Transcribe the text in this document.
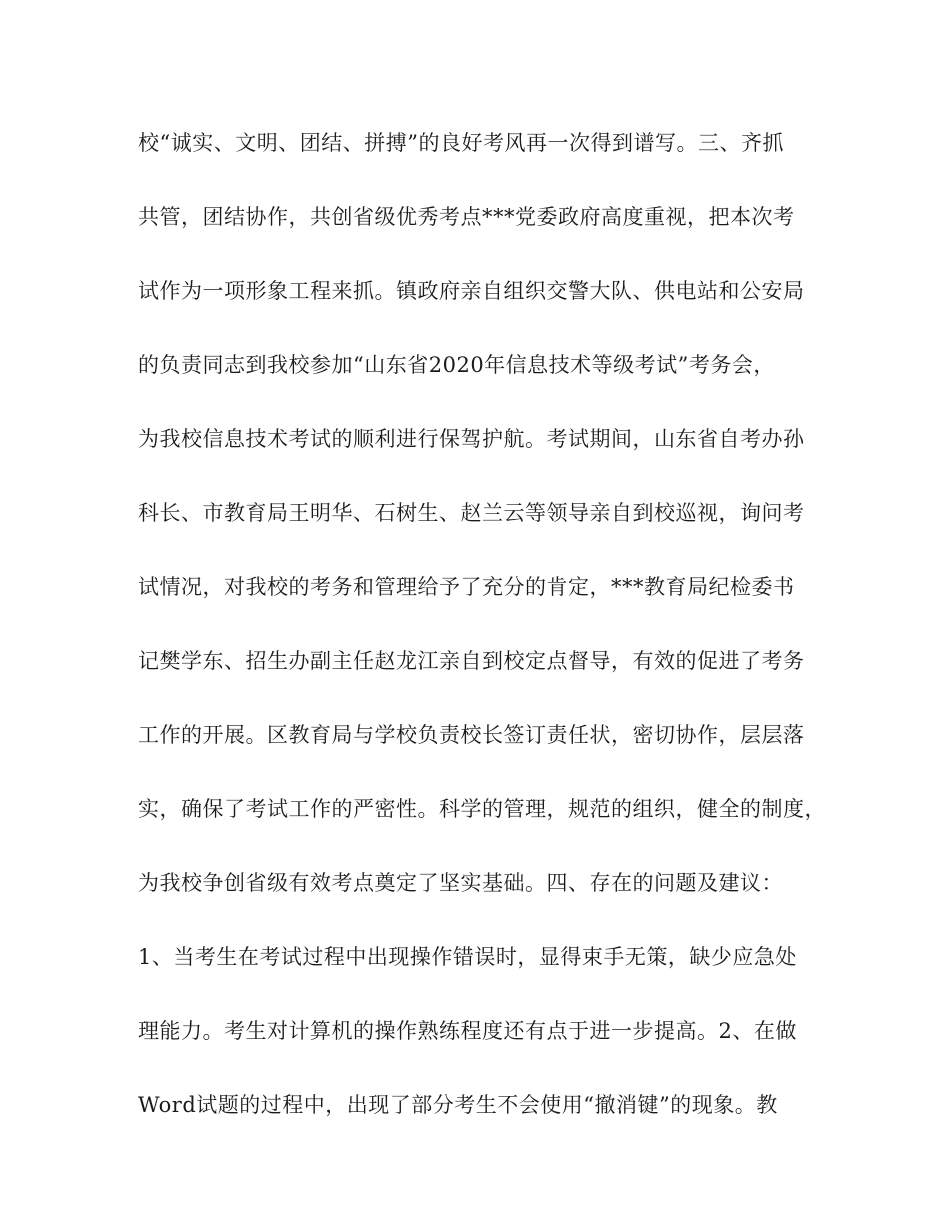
校“诚实、文明、团结、拼搏”的良好考风再一次得到谱写。三、齐抓
共管，团结协作，共创省级优秀考点***党委政府高度重视，把本次考
试作为一项形象工程来抓。镇政府亲自组织交警大队、供电站和公安局
的负责同志到我校参加“山东省2020年信息技术等级考试”考务会，
为我校信息技术考试的顺利进行保驾护航。考试期间，山东省自考办孙
科长、市教育局王明华、石树生、赵兰云等领导亲自到校巡视，询问考
试情况，对我校的考务和管理给予了充分的肯定，***教育局纪检委书
记樊学东、招生办副主任赵龙江亲自到校定点督导，有效的促进了考务
工作的开展。区教育局与学校负责校长签订责任状，密切协作，层层落
实，确保了考试工作的严密性。科学的管理，规范的组织，健全的制度，
为我校争创省级有效考点奠定了坚实基础。四、存在的问题及建议：
1、当考生在考试过程中出现操作错误时，显得束手无策，缺少应急处
理能力。考生对计算机的操作熟练程度还有点于进一步提高。2、在做
Word试题的过程中，出现了部分考生不会使用“撤消键”的现象。教
